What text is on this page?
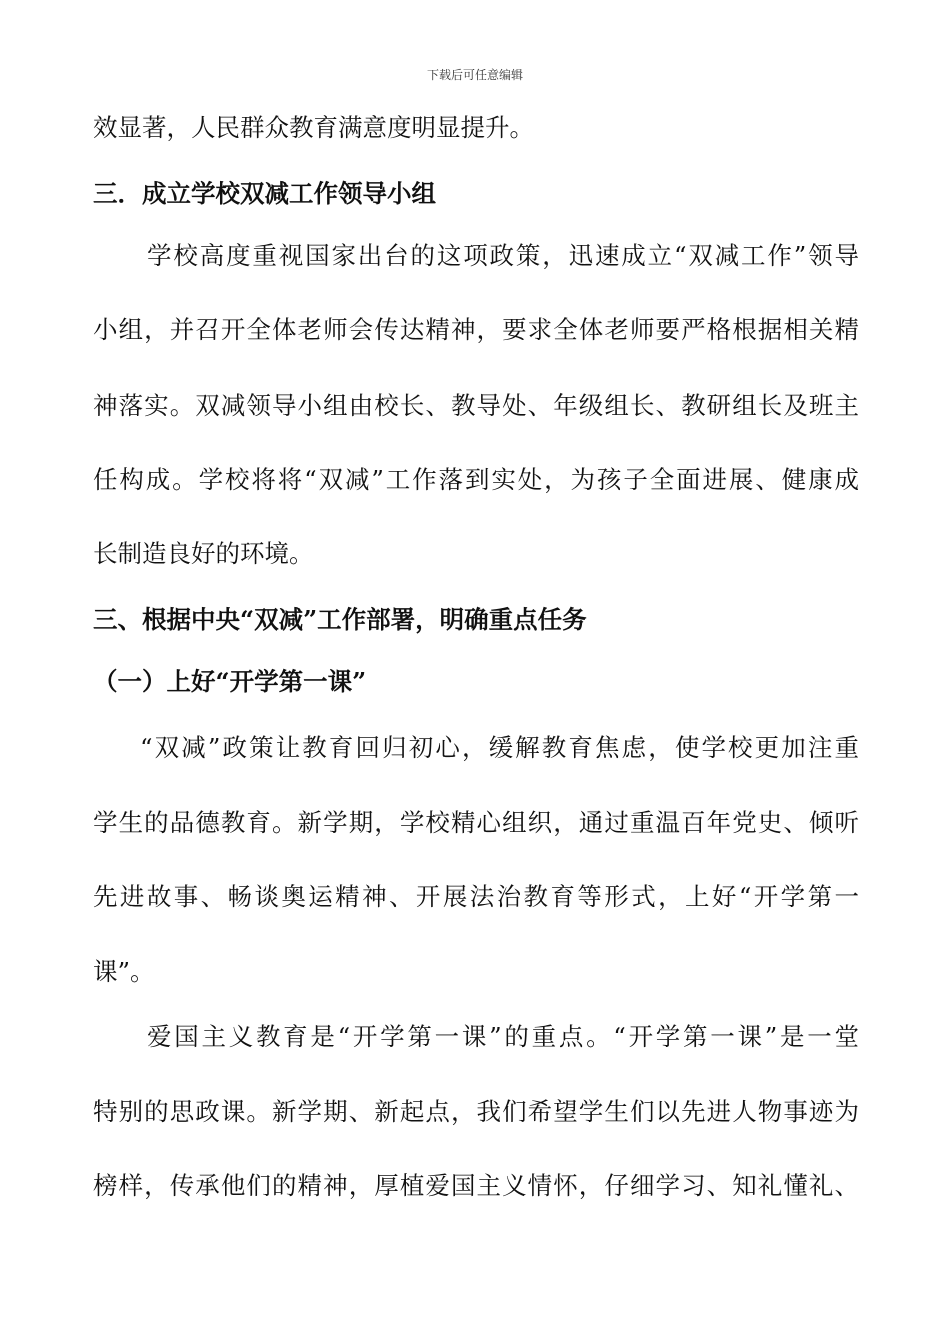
下载后可任意编辑
效显著，人民群众教育满意度明显提升。
三．成立学校双减工作领导小组
学校高度重视国家出台的这项政策，迅速成立“双减工作”领导
小组，并召开全体老师会传达精神，要求全体老师要严格根据相关精
神落实。双减领导小组由校长、教导处、年级组长、教研组长及班主
任构成。学校将将“双减”工作落到实处，为孩子全面进展、健康成
长制造良好的环境。
三、根据中央“双减”工作部署，明确重点任务
（一）上好“开学第一课”
“双减”政策让教育回归初心，缓解教育焦虑，使学校更加注重
学生的品德教育。新学期，学校精心组织，通过重温百年党史、倾听
先进故事、畅谈奥运精神、开展法治教育等形式，上好“开学第一
课”。
爱国主义教育是“开学第一课”的重点。“开学第一课”是一堂
特别的思政课。新学期、新起点，我们希望学生们以先进人物事迹为
榜样，传承他们的精神，厚植爱国主义情怀，仔细学习、知礼懂礼、
